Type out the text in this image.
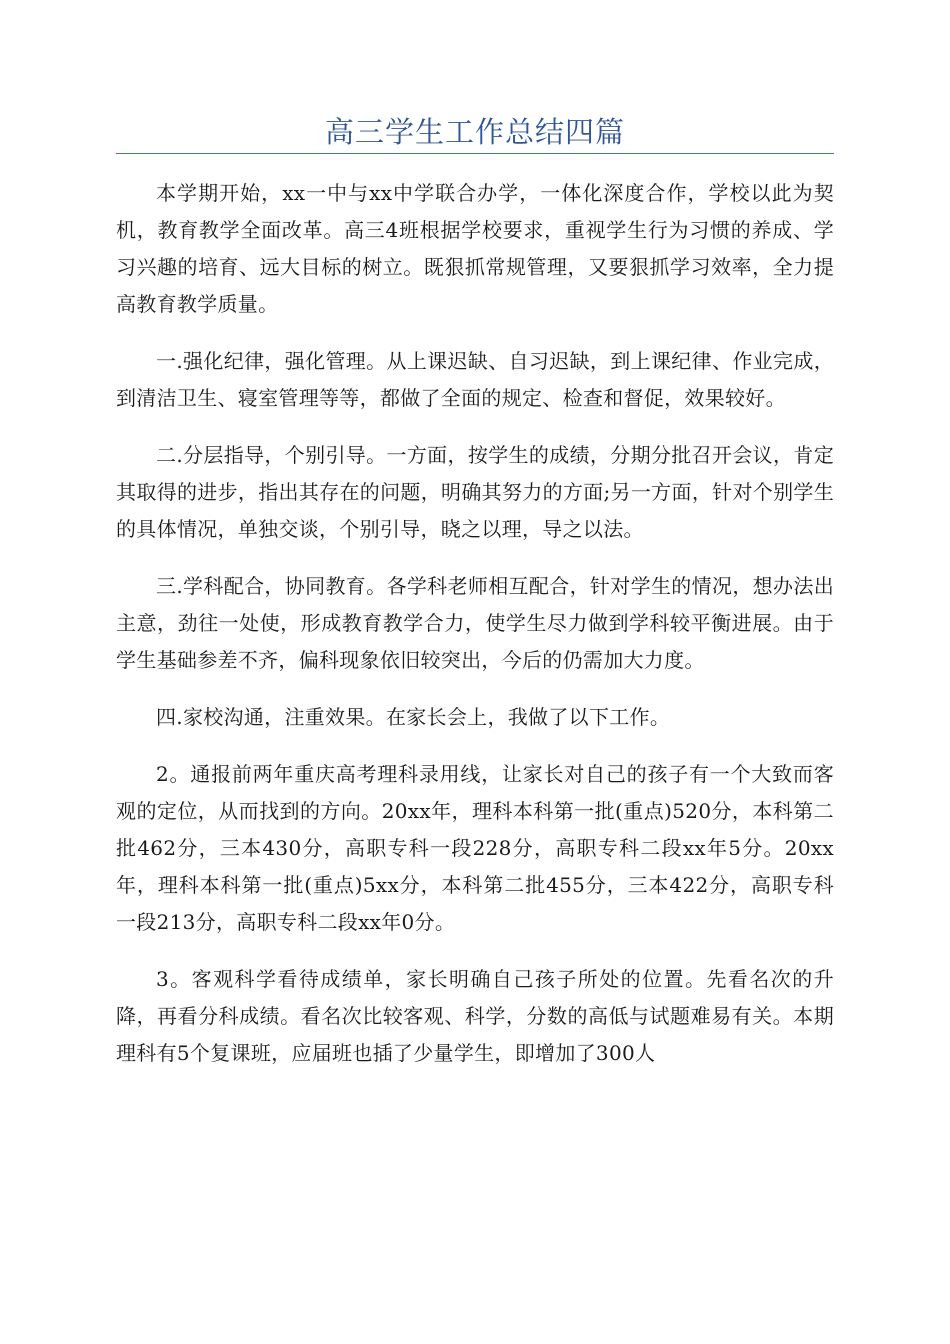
高三学生工作总结四篇

本学期开始，xx一中与xx中学联合办学，一体化深度合作，学校以此为契机，教育教学全面改革。高三4班根据学校要求，重视学生行为习惯的养成、学习兴趣的培育、远大目标的树立。既狠抓常规管理，又要狠抓学习效率，全力提高教育教学质量。

一.强化纪律，强化管理。从上课迟缺、自习迟缺，到上课纪律、作业完成，到清洁卫生、寝室管理等等，都做了全面的规定、检查和督促，效果较好。

二.分层指导，个别引导。一方面，按学生的成绩，分期分批召开会议，肯定其取得的进步，指出其存在的问题，明确其努力的方面;另一方面，针对个别学生的具体情况，单独交谈，个别引导，晓之以理，导之以法。

三.学科配合，协同教育。各学科老师相互配合，针对学生的情况，想办法出主意，劲往一处使，形成教育教学合力，使学生尽力做到学科较平衡进展。由于学生基础参差不齐，偏科现象依旧较突出，今后的仍需加大力度。

四.家校沟通，注重效果。在家长会上，我做了以下工作。

2。通报前两年重庆高考理科录用线，让家长对自己的孩子有一个大致而客观的定位，从而找到的方向。20xx年，理科本科第一批(重点)520分，本科第二批462分，三本430分，高职专科一段228分，高职专科二段xx年5分。20xx年，理科本科第一批(重点)5xx分，本科第二批455分，三本422分，高职专科一段213分，高职专科二段xx年0分。

3。客观科学看待成绩单，家长明确自己孩子所处的位置。先看名次的升降，再看分科成绩。看名次比较客观、科学，分数的高低与试题难易有关。本期理科有5个复课班，应届班也插了少量学生，即增加了300人
